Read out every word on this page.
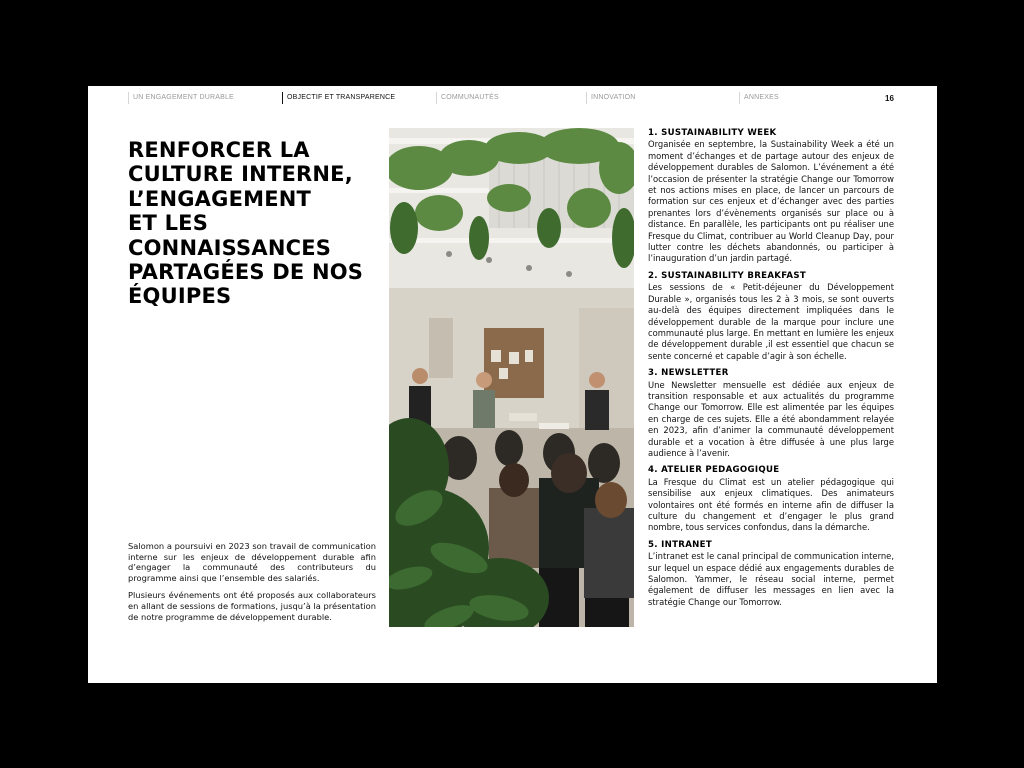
UN ENGAGEMENT DURABLE	OBJECTIF ET TRANSPARENCE	COMMUNAUTÉS	INNOVATION	ANNEXES	16
RENFORCER LA
CULTURE INTERNE,
L’ENGAGEMENT
ET LES
CONNAISSANCES
PARTAGÉES DE NOS
ÉQUIPES

Salomon a poursuivi en 2023 son travail de communication interne sur les enjeux de développement durable afin d’engager la communauté des contributeurs du programme ainsi que l’ensemble des salariés.

Plusieurs événements ont été proposés aux collaborateurs en allant de sessions de formations, jusqu’à la présentation de notre programme de développement durable.

1. SUSTAINABILITY WEEK

Organisée en septembre, la Sustainability Week a été un moment d’échanges et de partage autour des enjeux de développement durables de Salomon. L’événement a été l’occasion de présenter la stratégie Change our Tomorrow et nos actions mises en place, de lancer un parcours de formation sur ces enjeux et d’échanger avec des parties prenantes lors d’évènements organisés sur place ou à distance. En parallèle, les participants ont pu réaliser une Fresque du Climat, contribuer au World Cleanup Day, pour lutter contre les déchets abandonnés, ou participer à l’inauguration d’un jardin partagé.

2. SUSTAINABILITY BREAKFAST

Les sessions de « Petit-déjeuner du Développement Durable », organisés tous les 2 à 3 mois, se sont ouverts au-delà des équipes directement impliquées dans le développement durable de la marque pour inclure une communauté plus large. En mettant en lumière les enjeux de développement durable ,il est essentiel que chacun se sente concerné et capable d’agir à son échelle.

3. NEWSLETTER

Une Newsletter mensuelle est dédiée aux enjeux de transition responsable et aux actualités du programme Change our Tomorrow. Elle est alimentée par les équipes en charge de ces sujets. Elle a été abondamment relayée en 2023, afin d’animer la communauté développement durable et a vocation à être diffusée à une plus large audience à l’avenir.

4. ATELIER PEDAGOGIQUE

La Fresque du Climat est un atelier pédagogique qui sensibilise aux enjeux climatiques. Des animateurs volontaires ont été formés en interne afin de diffuser la culture du changement et d’engager le plus grand nombre, tous services confondus, dans la démarche.

5. INTRANET

L’intranet est le canal principal de communication interne, sur lequel un espace dédié aux engagements durables de Salomon. Yammer, le réseau social interne, permet également de diffuser les messages en lien avec la stratégie Change our Tomorrow.
